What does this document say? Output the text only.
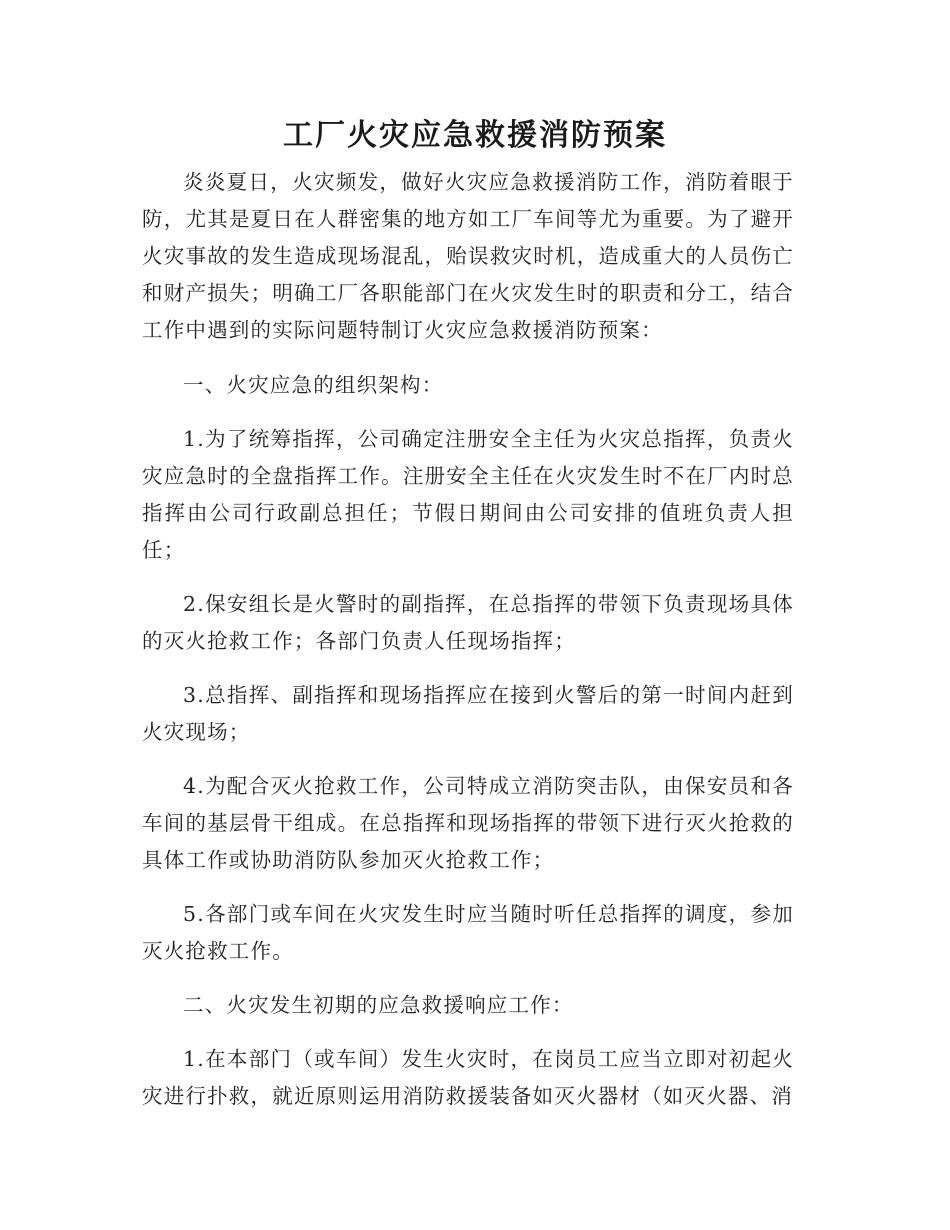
工厂火灾应急救援消防预案

炎炎夏日，火灾频发，做好火灾应急救援消防工作，消防着眼于防，尤其是夏日在人群密集的地方如工厂车间等尤为重要。为了避开火灾事故的发生造成现场混乱，贻误救灾时机，造成重大的人员伤亡和财产损失；明确工厂各职能部门在火灾发生时的职责和分工，结合工作中遇到的实际问题特制订火灾应急救援消防预案：

一、火灾应急的组织架构：

1.为了统筹指挥，公司确定注册安全主任为火灾总指挥，负责火灾应急时的全盘指挥工作。注册安全主任在火灾发生时不在厂内时总指挥由公司行政副总担任；节假日期间由公司安排的值班负责人担任；

2.保安组长是火警时的副指挥，在总指挥的带领下负责现场具体的灭火抢救工作；各部门负责人任现场指挥；

3.总指挥、副指挥和现场指挥应在接到火警后的第一时间内赶到火灾现场；

4.为配合灭火抢救工作，公司特成立消防突击队，由保安员和各车间的基层骨干组成。在总指挥和现场指挥的带领下进行灭火抢救的具体工作或协助消防队参加灭火抢救工作；

5.各部门或车间在火灾发生时应当随时听任总指挥的调度，参加灭火抢救工作。

二、火灾发生初期的应急救援响应工作：

1.在本部门（或车间）发生火灾时，在岗员工应当立即对初起火灾进行扑救，就近原则运用消防救援装备如灭火器材（如灭火器、消
